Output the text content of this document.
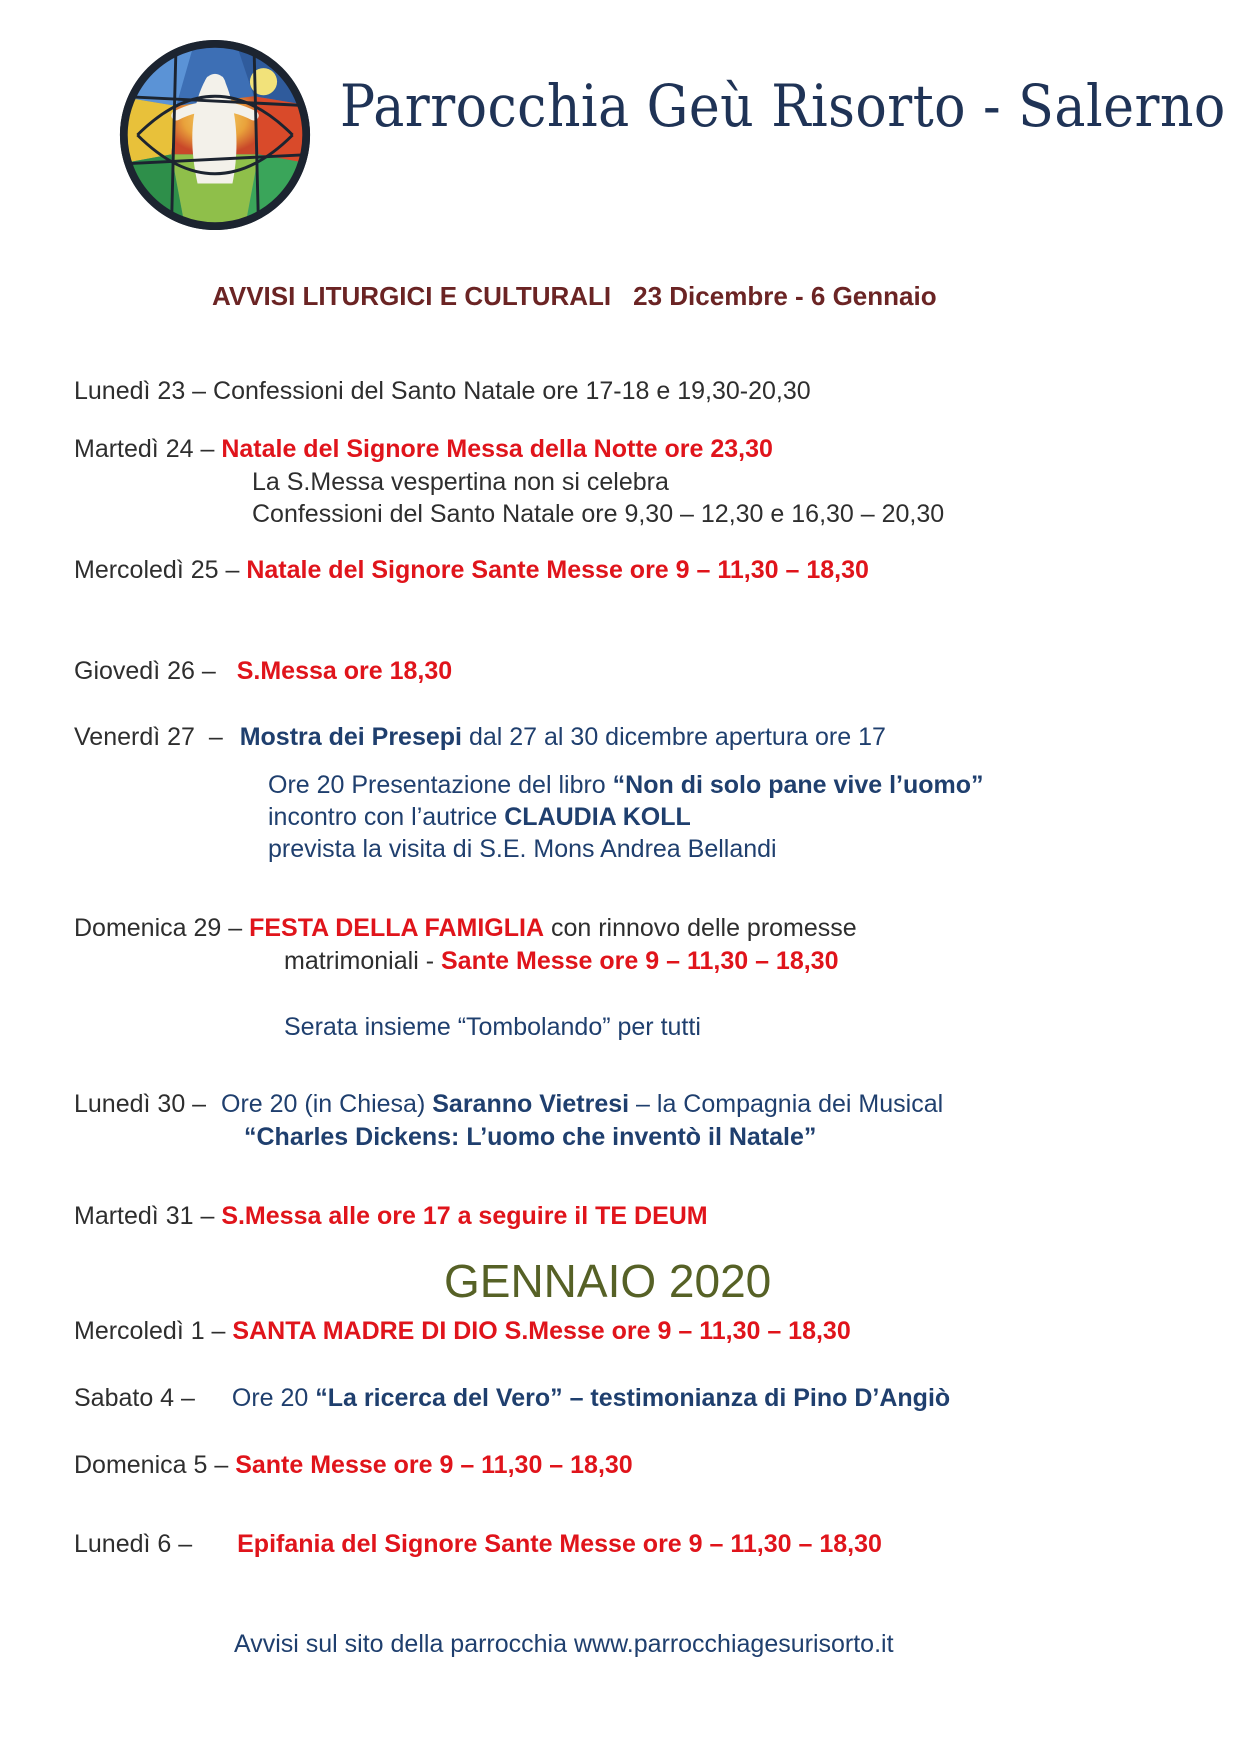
Parrocchia Geù Risorto - Salerno
AVVISI LITURGICI E CULTURALI 23 Dicembre - 6 Gennaio
Lunedì 23 – Confessioni del Santo Natale ore 17-18 e 19,30-20,30
Martedì 24 – Natale del Signore Messa della Notte ore 23,30
La S.Messa vespertina non si celebra
Confessioni del Santo Natale ore 9,30 – 12,30 e 16,30 – 20,30
Mercoledì 25 – Natale del Signore Sante Messe ore 9 – 11,30 – 18,30
Giovedì 26 – S.Messa ore 18,30
Venerdì 27  – Mostra dei Presepi dal 27 al 30 dicembre apertura ore 17
Ore 20 Presentazione del libro “Non di solo pane vive l’uomo”
incontro con l’autrice CLAUDIA KOLL
prevista la visita di S.E. Mons Andrea Bellandi
Domenica 29 – FESTA DELLA FAMIGLIA con rinnovo delle promesse
matrimoniali - Sante Messe ore 9 – 11,30 – 18,30
Serata insieme “Tombolando” per tutti
Lunedì 30 – Ore 20 (in Chiesa) Saranno Vietresi – la Compagnia dei Musical
“Charles Dickens: L’uomo che inventò il Natale”
Martedì 31 – S.Messa alle ore 17 a seguire il TE DEUM
GENNAIO 2020
Mercoledì 1 – SANTA MADRE DI DIO S.Messe ore 9 – 11,30 – 18,30
Sabato 4 – Ore 20 “La ricerca del Vero” – testimonianza di Pino D’Angiò
Domenica 5 – Sante Messe ore 9 – 11,30 – 18,30
Lunedì 6 – Epifania del Signore Sante Messe ore 9 – 11,30 – 18,30
Avvisi sul sito della parrocchia www.parrocchiagesurisorto.it
